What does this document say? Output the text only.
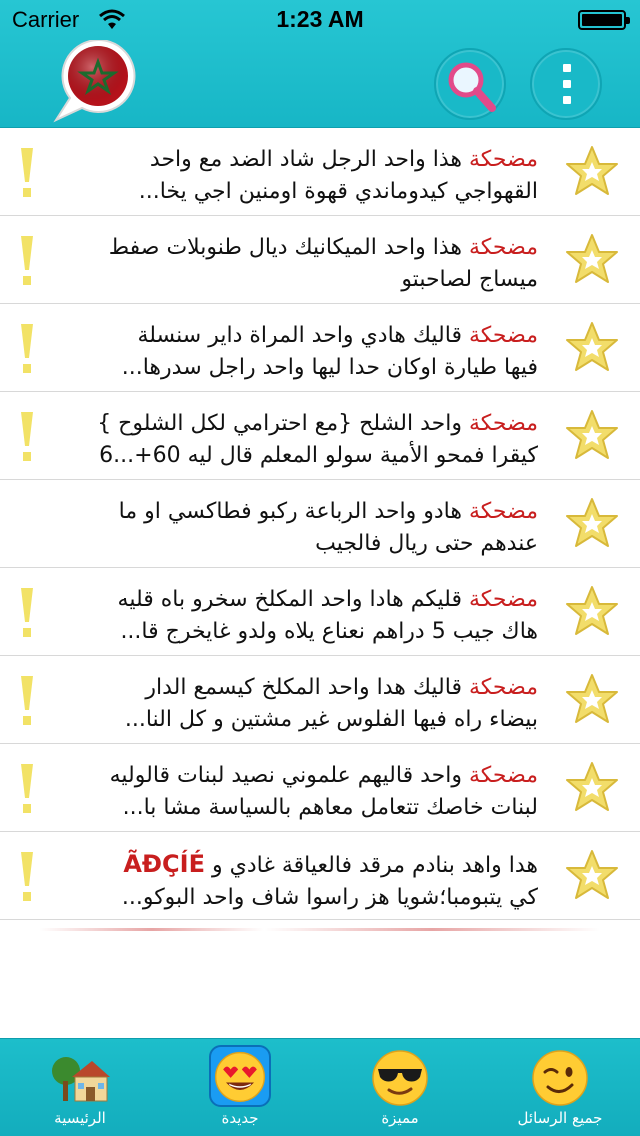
Carrier	1:23 AM
مضحكة هذا واحد الرجل شاد الضد مع واحد
القهواجي كيدوماندي قهوة اومنين اجي يخا...
مضحكة هذا واحد الميكانيك ديال طنوبلات صفط
ميساج لصاحبتو
مضحكة قاليك هادي واحد المراة داير سنسلة
فيها طيارة اوكان حدا ليها واحد راجل سدرها...
مضحكة واحد الشلح {مع احترامي لكل الشلوح }
كيقرا فمحو الأمية سولو المعلم قال ليه 60+...6
مضحكة هادو واحد الرباعة ركبو فطاكسي او ما
عندهم حتى ريال فالجيب
مضحكة قليكم هادا واحد المكلخ سخرو باه قليه
هاك جيب 5 دراهم نعناع يلاه ولدو غايخرج قا...
مضحكة قاليك هدا واحد المكلخ كيسمع الدار
بيضاء راه فيها الفلوس غير مشتين و كل النا...
مضحكة واحد قاليهم علموني نصيد لبنات قالوليه
لبنات خاصك تتعامل معاهم بالسياسة مشا با...
هدا واهد بنادم مرقد فالعياقة غادي و ÃÐÇÍÉ
كي يتبومبا؛شويا هز راسوا شاف واحد البوكو...
الرئيسية	جديدة	مميزة	جميع الرسائل
